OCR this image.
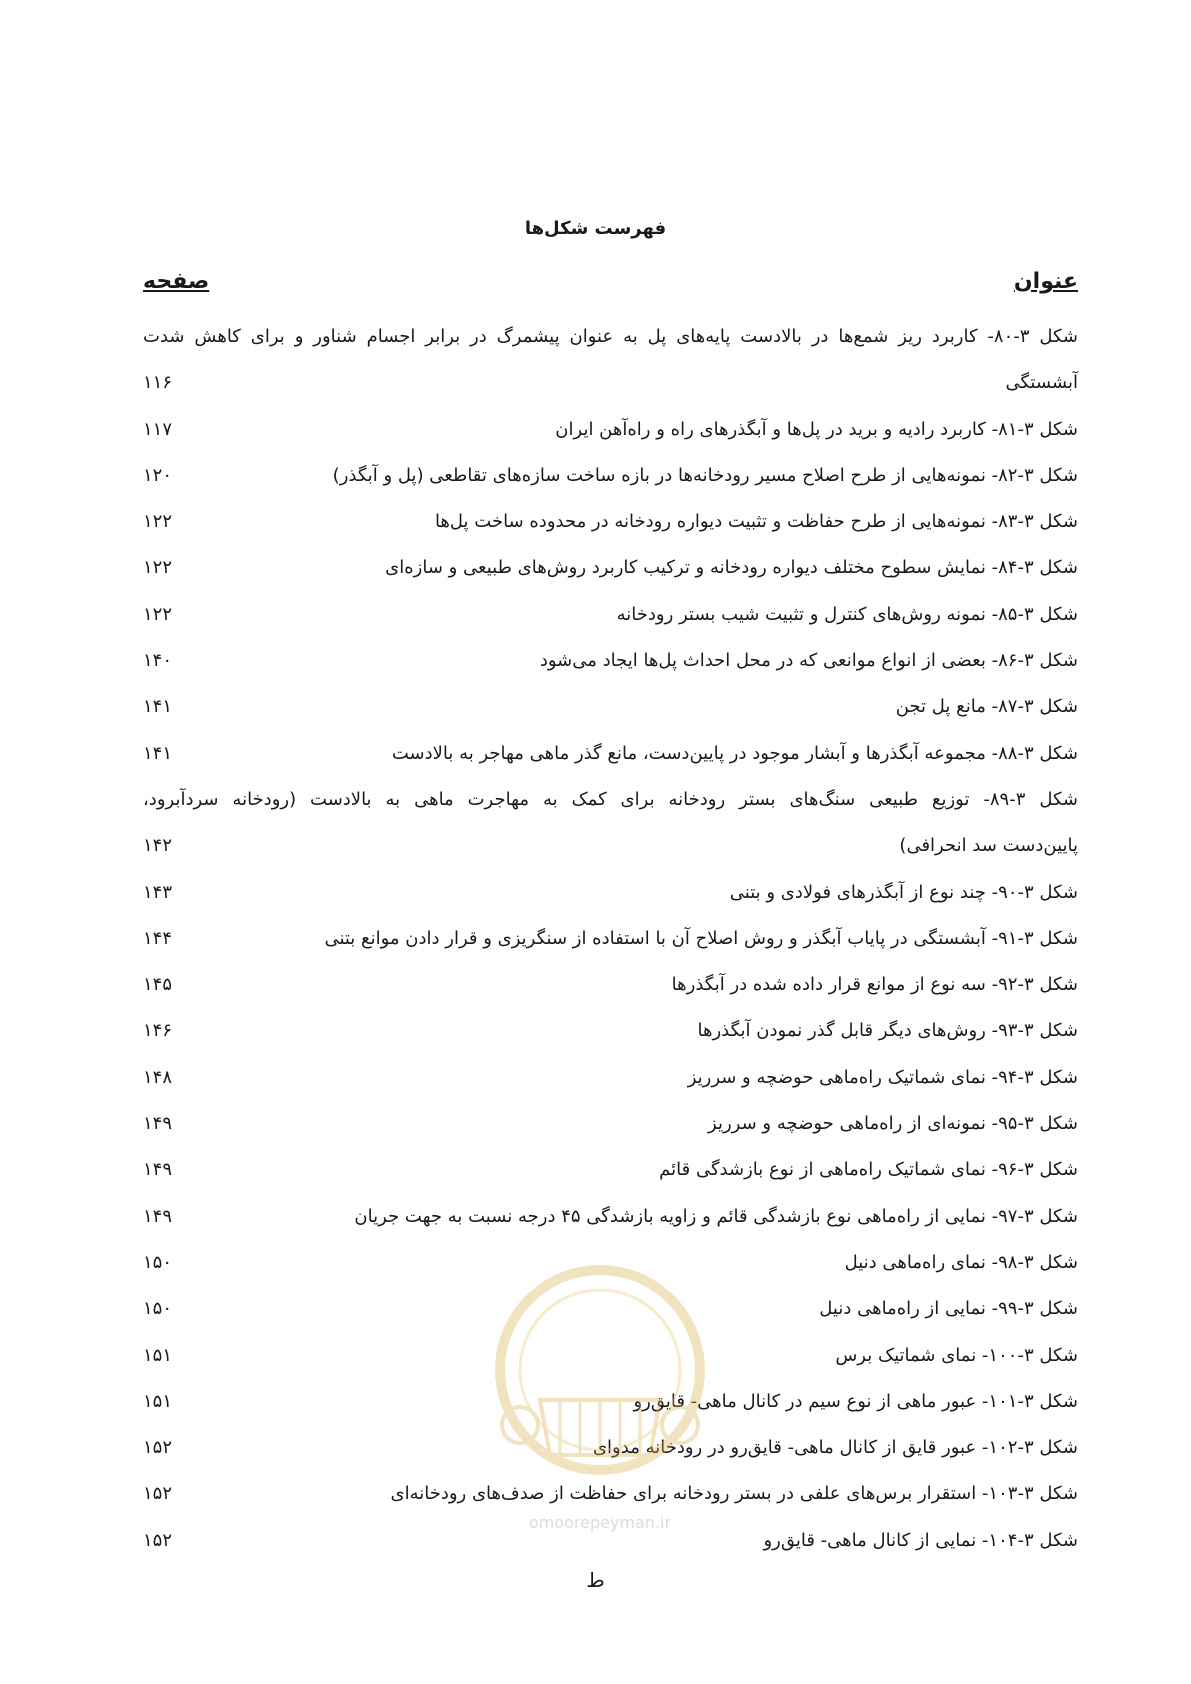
فهرست شکل‌ها
عنوان
صفحه
شکل ۳-۸۰- کاربرد ریز شمع‌ها در بالادست پایه‌های پل به عنوان پیشمرگ در برابر اجسام شناور و برای کاهش شدت
آبشستگی
۱۱۶
شکل ۳-۸۱- کاربرد رادیه و برید در پل‌ها و آبگذرهای راه و راه‌آهن ایران
۱۱۷
شکل ۳-۸۲- نمونه‌هایی از طرح اصلاح مسیر رودخانه‌ها در بازه ساخت سازه‌های تقاطعی (پل و آبگذر)
۱۲۰
شکل ۳-۸۳- نمونه‌هایی از طرح حفاظت و تثبیت دیواره رودخانه در محدوده ساخت پل‌ها
۱۲۲
شکل ۳-۸۴- نمایش سطوح مختلف دیواره رودخانه و ترکیب کاربرد روش‌های طبیعی و سازه‌ای
۱۲۲
شکل ۳-۸۵- نمونه روش‌های کنترل و تثبیت شیب بستر رودخانه
۱۲۲
شکل ۳-۸۶- بعضی از انواع موانعی که در محل احداث پل‌ها ایجاد می‌شود
۱۴۰
شکل ۳-۸۷- مانع پل تجن
۱۴۱
شکل ۳-۸۸- مجموعه آبگذرها و آبشار موجود در پایین‌دست، مانع گذر ماهی مهاجر به بالادست
۱۴۱
شکل ۳-۸۹- توزیع طبیعی سنگ‌های بستر رودخانه برای کمک به مهاجرت ماهی به بالادست (رودخانه سردآبرود،
پایین‌دست سد انحرافی)
۱۴۲
شکل ۳-۹۰- چند نوع از آبگذرهای فولادی و بتنی
۱۴۳
شکل ۳-۹۱- آبشستگی در پایاب آبگذر و روش اصلاح آن با استفاده از سنگریزی و قرار دادن موانع بتنی
۱۴۴
شکل ۳-۹۲- سه نوع از موانع قرار داده شده در آبگذرها
۱۴۵
شکل ۳-۹۳- روش‌های دیگر قابل گذر نمودن آبگذرها
۱۴۶
شکل ۳-۹۴- نمای شماتیک راه‌ماهی حوضچه و سرریز
۱۴۸
شکل ۳-۹۵- نمونه‌ای از راه‌ماهی حوضچه و سرریز
۱۴۹
شکل ۳-۹۶- نمای شماتیک راه‌ماهی از نوع بازشدگی قائم
۱۴۹
شکل ۳-۹۷- نمایی از راه‌ماهی نوع بازشدگی قائم و زاویه بازشدگی ۴۵ درجه نسبت به جهت جریان
۱۴۹
شکل ۳-۹۸- نمای راه‌ماهی دنیل
۱۵۰
شکل ۳-۹۹- نمایی از راه‌ماهی دنیل
۱۵۰
شکل ۳-۱۰۰- نمای شماتیک برس
۱۵۱
شکل ۳-۱۰۱- عبور ماهی از نوع سیم در کانال ماهی- قایق‌رو
۱۵۱
شکل ۳-۱۰۲- عبور قایق از کانال ماهی- قایق‌رو در رودخانه مدوای
۱۵۲
شکل ۳-۱۰۳- استقرار برس‌های علفی در بستر رودخانه برای حفاظت از صدف‌های رودخانه‌ای
۱۵۲
شکل ۳-۱۰۴- نمایی از کانال ماهی- قایق‌رو
۱۵۲
omoorepeyman.ir
ط
